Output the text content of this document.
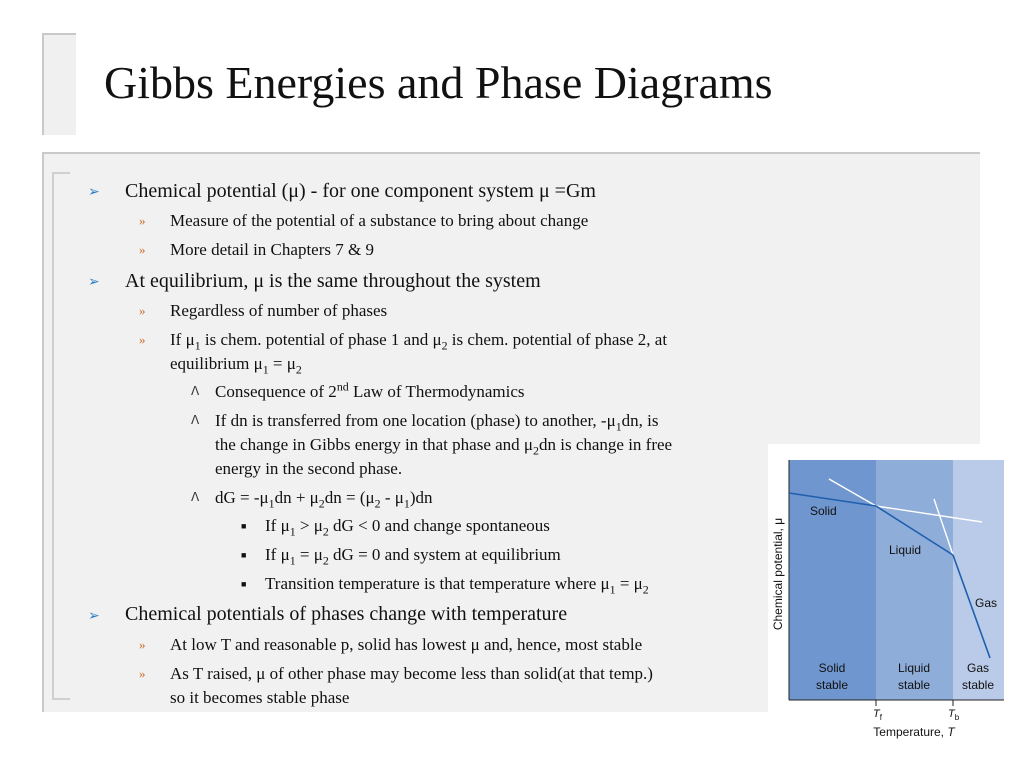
Gibbs Energies and Phase Diagrams
➢ Chemical potential (μ) - for one component system μ =Gm
» Measure of the potential of a substance to bring about change
» More detail in Chapters 7 & 9
➢ At equilibrium, μ is the same throughout the system
» Regardless of number of phases
» If $\mu_1$ is chem. potential of phase 1 and $\mu_2$ is chem. potential of phase 2, at
equilibrium $\mu_1 = \mu_2$
ᐱ Consequence of 2nd Law of Thermodynamics
ᐱ If dn is transferred from one location (phase) to another, $-\mu_1dn$, is
the change in Gibbs energy in that phase and $\mu_2dn$ is change in free
energy in the second phase.
ᐱ dG = $-\mu_1dn + \mu_2dn = (\mu_2 - \mu_1)dn$
■ If $\mu_1 > \mu_2$ dG < 0 and change spontaneous
■ If $\mu_1 = \mu_2$ dG = 0 and system at equilibrium
■ Transition temperature is that temperature where $\mu_1 = \mu_2$
➢ Chemical potentials of phases change with temperature
» At low T and reasonable p, solid has lowest μ and, hence, most stable
» As T raised, μ of other phase may become less than solid(at that temp.)
so it becomes stable phase
Solid
Liquid
Gas
Solid
stable
Liquid
stable
Gas
stable
$T_f$	$T_b$
Temperature, T
Chemical potential, μ
